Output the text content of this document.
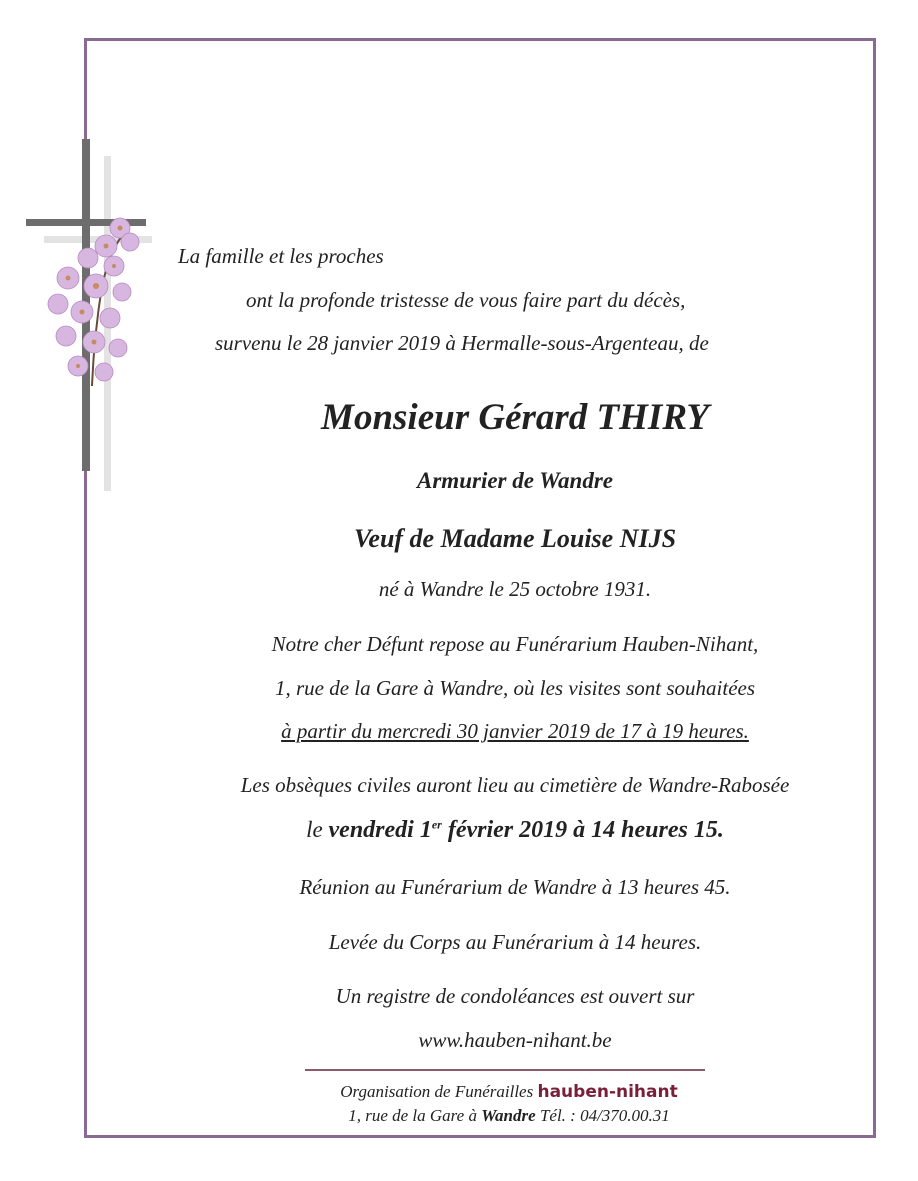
La famille et les proches
ont la profonde tristesse de vous faire part du décès,
survenu le 28 janvier 2019 à Hermalle-sous-Argenteau, de
Monsieur Gérard THIRY
Armurier de Wandre
Veuf de Madame Louise NIJS
né à Wandre le 25 octobre 1931.
Notre cher Défunt repose au Funérarium Hauben-Nihant,
1, rue de la Gare à Wandre, où les visites sont souhaitées
à partir du mercredi 30 janvier 2019 de 17 à 19 heures.
Les obsèques civiles auront lieu au cimetière de Wandre-Rabosée
le vendredi 1er février 2019 à 14 heures 15.
Réunion au Funérarium de Wandre à 13 heures 45.
Levée du Corps au Funérarium à 14 heures.
Un registre de condoléances est ouvert sur
www.hauben-nihant.be
Organisation de Funérailles hauben-nihant
1, rue de la Gare à Wandre Tél. : 04/370.00.31
